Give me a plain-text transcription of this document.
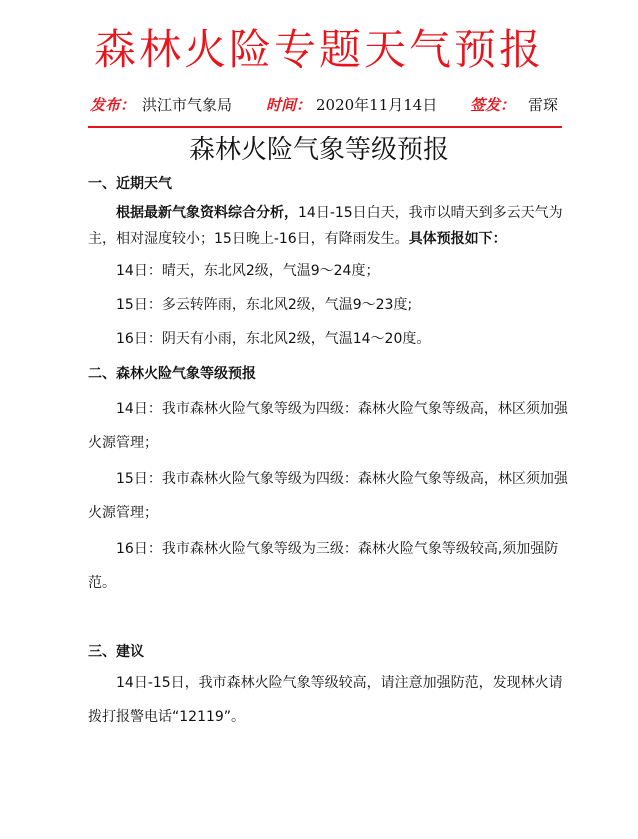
森林火险专题天气预报
发布： 洪江市气象局 时间： 2020年11月14日 签发： 雷琛
森林火险气象等级预报
一、近期天气
根据最新气象资料综合分析，14日-15日白天，我市以晴天到多云天气为主，相对湿度较小；15日晚上-16日，有降雨发生。具体预报如下：
14日：晴天，东北风2级，气温9～24度；
15日：多云转阵雨，东北风2级，气温9～23度;
16日：阴天有小雨，东北风2级，气温14～20度。
二、森林火险气象等级预报
14日：我市森林火险气象等级为四级：森林火险气象等级高，林区须加强火源管理；
15日：我市森林火险气象等级为四级：森林火险气象等级高，林区须加强火源管理；
16日：我市森林火险气象等级为三级：森林火险气象等级较高,须加强防范。
三、建议
14日-15日，我市森林火险气象等级较高，请注意加强防范，发现林火请拨打报警电话“12119”。
